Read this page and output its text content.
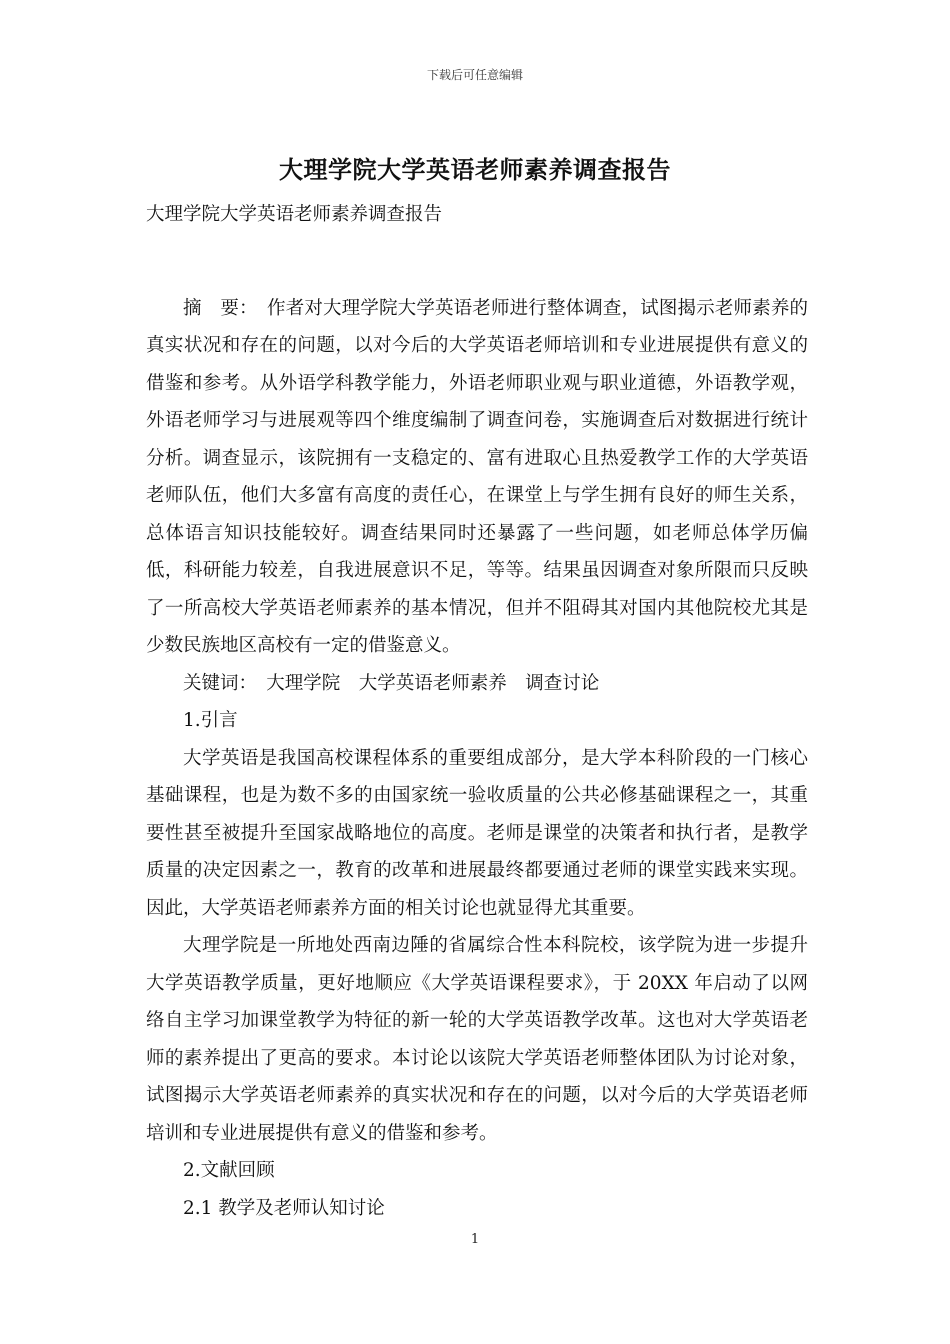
下载后可任意编辑
大理学院大学英语老师素养调查报告

大理学院大学英语老师素养调查报告

摘　要：　作者对大理学院大学英语老师进行整体调查，试图揭示老师素养的真实状况和存在的问题，以对今后的大学英语老师培训和专业进展提供有意义的借鉴和参考。从外语学科教学能力，外语老师职业观与职业道德，外语教学观，外语老师学习与进展观等四个维度编制了调查问卷，实施调查后对数据进行统计分析。调查显示，该院拥有一支稳定的、富有进取心且热爱教学工作的大学英语老师队伍，他们大多富有高度的责任心，在课堂上与学生拥有良好的师生关系，总体语言知识技能较好。调查结果同时还暴露了一些问题，如老师总体学历偏低，科研能力较差，自我进展意识不足，等等。结果虽因调查对象所限而只反映了一所高校大学英语老师素养的基本情况，但并不阻碍其对国内其他院校尤其是少数民族地区高校有一定的借鉴意义。

关键词：　大理学院　大学英语老师素养　调查讨论

1.引言

大学英语是我国高校课程体系的重要组成部分，是大学本科阶段的一门核心基础课程，也是为数不多的由国家统一验收质量的公共必修基础课程之一，其重要性甚至被提升至国家战略地位的高度。老师是课堂的决策者和执行者，是教学质量的决定因素之一，教育的改革和进展最终都要通过老师的课堂实践来实现。因此，大学英语老师素养方面的相关讨论也就显得尤其重要。

大理学院是一所地处西南边陲的省属综合性本科院校，该学院为进一步提升大学英语教学质量，更好地顺应《大学英语课程要求》，于 20XX 年启动了以网络自主学习加课堂教学为特征的新一轮的大学英语教学改革。这也对大学英语老师的素养提出了更高的要求。本讨论以该院大学英语老师整体团队为讨论对象，试图揭示大学英语老师素养的真实状况和存在的问题，以对今后的大学英语老师培训和专业进展提供有意义的借鉴和参考。

2.文献回顾

2.1 教学及老师认知讨论

1
